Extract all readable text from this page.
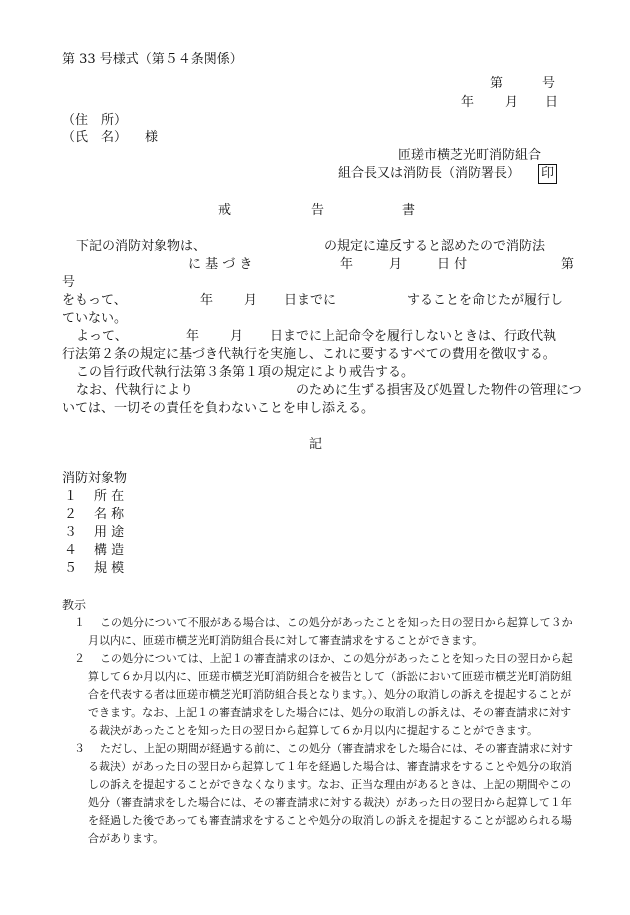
第 33 号様式（第５４条関係）
第	号
年 月 日
（住　所）
（氏　名） 様
匝瑳市横芝光町消防組合
組合長又は消防長（消防署長） 印
戒	告	書
下記の消防対象物は、	の規定に違反すると認めたので消防法
に 基 づ き	年	月	日 付	第
号
をもって、	年 月 日までに	することを命じたが履行し
ていない。
よって、	年 月 日までに上記命令を履行しないときは、行政代執
行法第２条の規定に基づき代執行を実施し、これに要するすべての費用を徴収する。
この旨行政代執行法第３条第１項の規定により戒告する。
なお、代執行により	のために生ずる損害及び処置した物件の管理につ
いては、一切その責任を負わないことを申し添える。
記
消防対象物
１ 所 在
２ 名 称
３ 用 途
４ 構 造
５ 規 模
教示
１	この処分について不服がある場合は、この処分があったことを知った日の翌日から起算して３か月以内に、匝瑳市横芝光町消防組合長に対して審査請求をすることができます。
２	この処分については、上記１の審査請求のほか、この処分があったことを知った日の翌日から起算して６か月以内に、匝瑳市横芝光町消防組合を被告として（訴訟において匝瑳市横芝光町消防組合を代表する者は匝瑳市横芝光町消防組合長となります。）、処分の取消しの訴えを提起することができます。なお、上記１の審査請求をした場合には、処分の取消しの訴えは、その審査請求に対する裁決があったことを知った日の翌日から起算して６か月以内に提起することができます。
３	ただし、上記の期間が経過する前に、この処分（審査請求をした場合には、その審査請求に対する裁決）があった日の翌日から起算して１年を経過した場合は、審査請求をすることや処分の取消しの訴えを提起することができなくなります。なお、正当な理由があるときは、上記の期間やこの処分（審査請求をした場合には、その審査請求に対する裁決）があった日の翌日から起算して１年を経過した後であっても審査請求をすることや処分の取消しの訴えを提起することが認められる場合があります。
